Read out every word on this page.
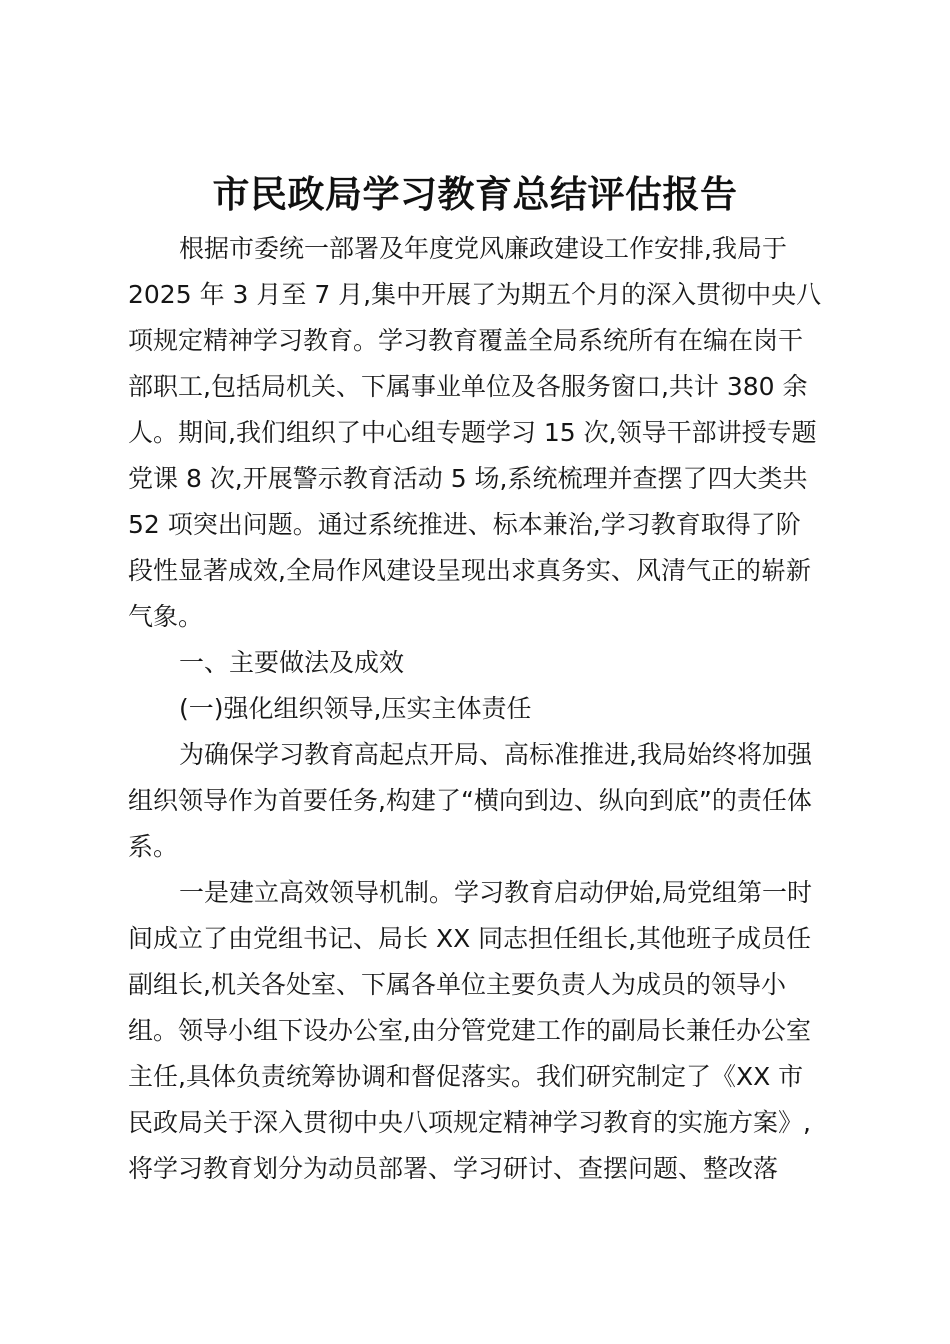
市民政局学习教育总结评估报告
根据市委统一部署及年度党风廉政建设工作安排,我局于
2025 年 3 月至 7 月,集中开展了为期五个月的深入贯彻中央八
项规定精神学习教育。学习教育覆盖全局系统所有在编在岗干
部职工,包括局机关、下属事业单位及各服务窗口,共计 380 余
人。期间,我们组织了中心组专题学习 15 次,领导干部讲授专题
党课 8 次,开展警示教育活动 5 场,系统梳理并查摆了四大类共
52 项突出问题。通过系统推进、标本兼治,学习教育取得了阶
段性显著成效,全局作风建设呈现出求真务实、风清气正的崭新
气象。
一、主要做法及成效
(一)强化组织领导,压实主体责任
为确保学习教育高起点开局、高标准推进,我局始终将加强
组织领导作为首要任务,构建了“横向到边、纵向到底”的责任体
系。
一是建立高效领导机制。学习教育启动伊始,局党组第一时
间成立了由党组书记、局长 XX 同志担任组长,其他班子成员任
副组长,机关各处室、下属各单位主要负责人为成员的领导小
组。领导小组下设办公室,由分管党建工作的副局长兼任办公室
主任,具体负责统筹协调和督促落实。我们研究制定了《XX 市
民政局关于深入贯彻中央八项规定精神学习教育的实施方案》,
将学习教育划分为动员部署、学习研讨、查摆问题、整改落
